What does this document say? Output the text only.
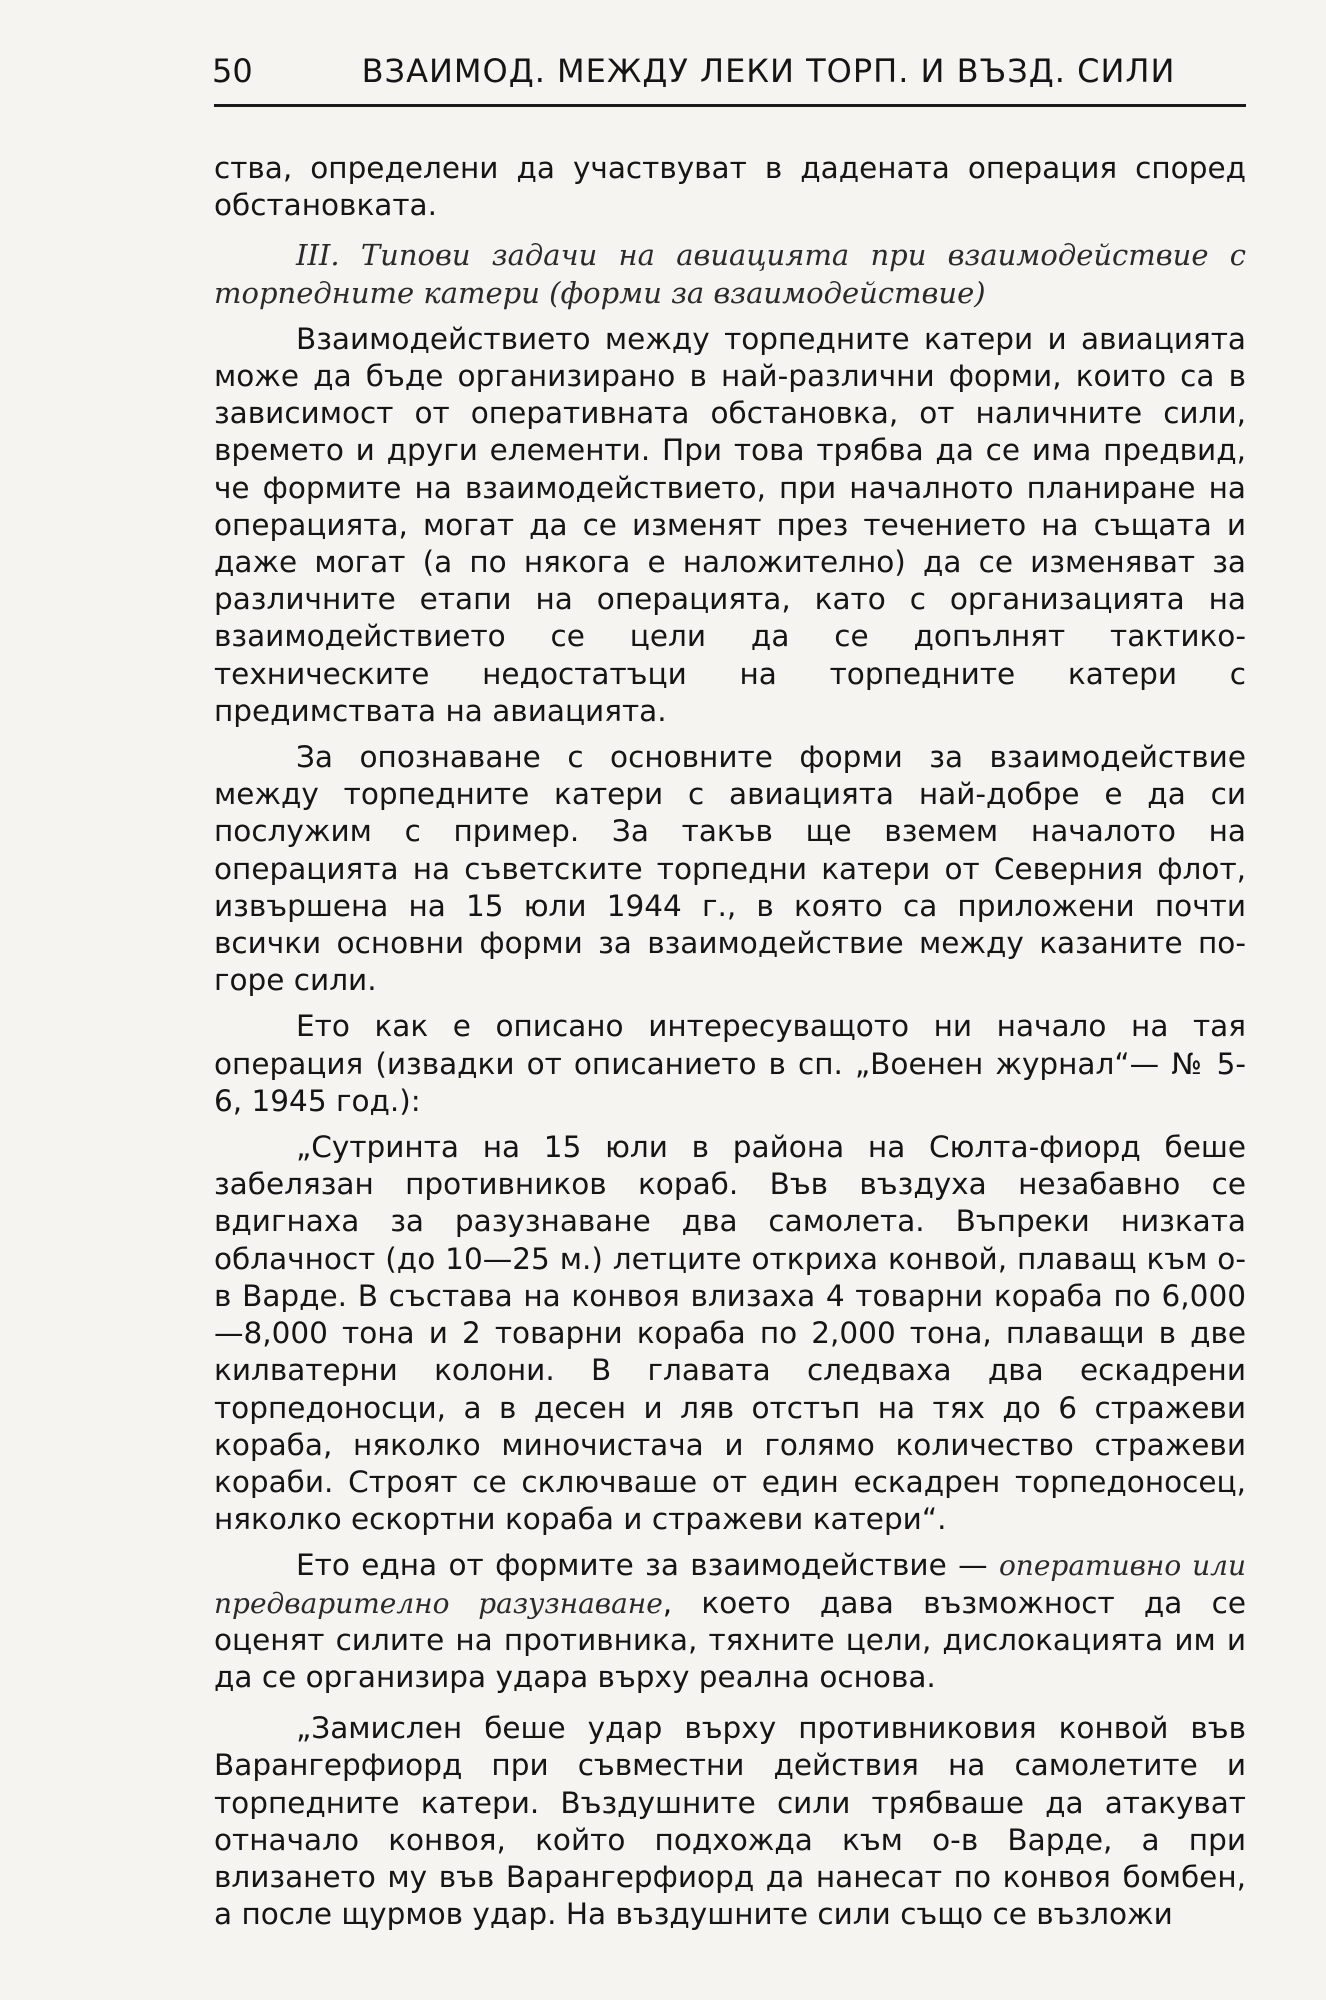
50	ВЗАИМОД. МЕЖДУ ЛЕКИ ТОРП. И ВЪЗД. СИЛИ

ства, определени да участвуват в дадената операция според обстановката.

III. Типови задачи на авиацията при взаимодействие с торпедните катери (форми за взаимодействие)

Взаимодействието между торпедните катери и авиацията може да бъде организирано в най-различни форми, които са в зависимост от оперативната обстановка, от наличните сили, времето и други елементи. При това трябва да се има предвид, че формите на взаимодействието, при началното планиране на операцията, могат да се изменят през течението на същата и даже могат (а по някога е наложително) да се изменяват за различните етапи на операцията, като с организацията на взаимодействието се цели да се допълнят тактико-техническите недостатъци на торпедните катери с предимствата на авиацията.

За опознаване с основните форми за взаимодействие между торпедните катери с авиацията най-добре е да си послужим с пример. За такъв ще вземем началото на операцията на съветските торпедни катери от Северния флот, извършена на 15 юли 1944 г., в която са приложени почти всички основни форми за взаимодействие между казаните по-горе сили.

Ето как е описано интересуващото ни начало на тая операция (извадки от описанието в сп. „Военен журнал“— № 5-6, 1945 год.):

„Сутринта на 15 юли в района на Сюлта-фиорд беше забелязан противников кораб. Във въздуха незабавно се вдигнаха за разузнаване два самолета. Въпреки низката облачност (до 10—25 м.) летците откриха конвой, плаващ към о-в Варде. В състава на конвоя влизаха 4 товарни кораба по 6,000—8,000 тона и 2 товарни кораба по 2,000 тона, плаващи в две килватерни колони. В главата следваха два ескадрени торпедоносци, а в десен и ляв отстъп на тях до 6 стражеви кораба, няколко миночистача и голямо количество стражеви кораби. Строят се сключваше от един ескадрен торпедоносец, няколко ескортни кораба и стражеви катери“.

Ето една от формите за взаимодействие — оперативно или предварително разузнаване, което дава възможност да се оценят силите на противника, тяхните цели, дислокацията им и да се организира удара върху реална основа.

„Замислен беше удар върху противниковия конвой във Варангерфиорд при съвместни действия на самолетите и торпедните катери. Въздушните сили трябваше да атакуват отначало конвоя, който подхожда към о-в Варде, а при влизането му във Варангерфиорд да нанесат по конвоя бомбен, а после щурмов удар. На въздушните сили също се възложи
